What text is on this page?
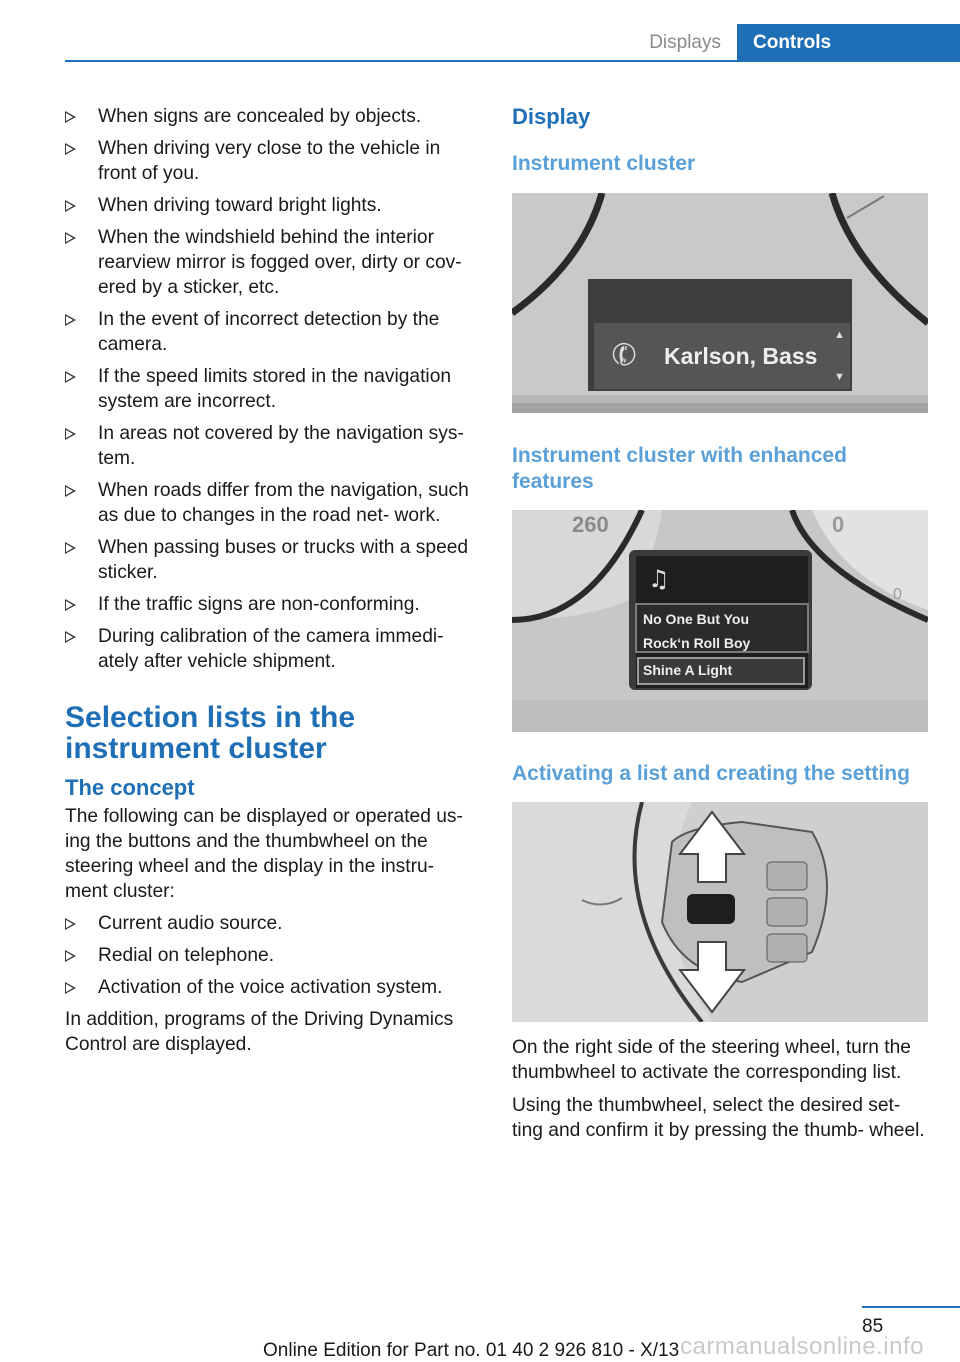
Displays	Controls
When signs are concealed by objects.
When driving very close to the vehicle in front of you.
When driving toward bright lights.
When the windshield behind the interior rearview mirror is fogged over, dirty or cov‐ ered by a sticker, etc.
In the event of incorrect detection by the camera.
If the speed limits stored in the navigation system are incorrect.
In areas not covered by the navigation sys‐ tem.
When roads differ from the navigation, such as due to changes in the road net‐ work.
When passing buses or trucks with a speed sticker.
If the traffic signs are non-conforming.
During calibration of the camera immedi‐ ately after vehicle shipment.
Selection lists in the instrument cluster
The concept

The following can be displayed or operated us‐ ing the buttons and the thumbwheel on the steering wheel and the display in the instru‐ ment cluster:

Current audio source.
Redial on telephone.
Activation of the voice activation system.

In addition, programs of the Driving Dynamics Control are displayed.

Display
Instrument cluster
✆ Karlson, Bass
▲
▼
Instrument cluster with enhanced features
260	0
0
♫
No One But You
Rock‘n Roll Boy
Shine A Light
Activating a list and creating the setting

On the right side of the steering wheel, turn the thumbwheel to activate the corresponding list.

Using the thumbwheel, select the desired set‐ ting and confirm it by pressing the thumb‐ wheel.

85
Online Edition for Part no. 01 40 2 926 810 - X/13 carmanualsonline.info
